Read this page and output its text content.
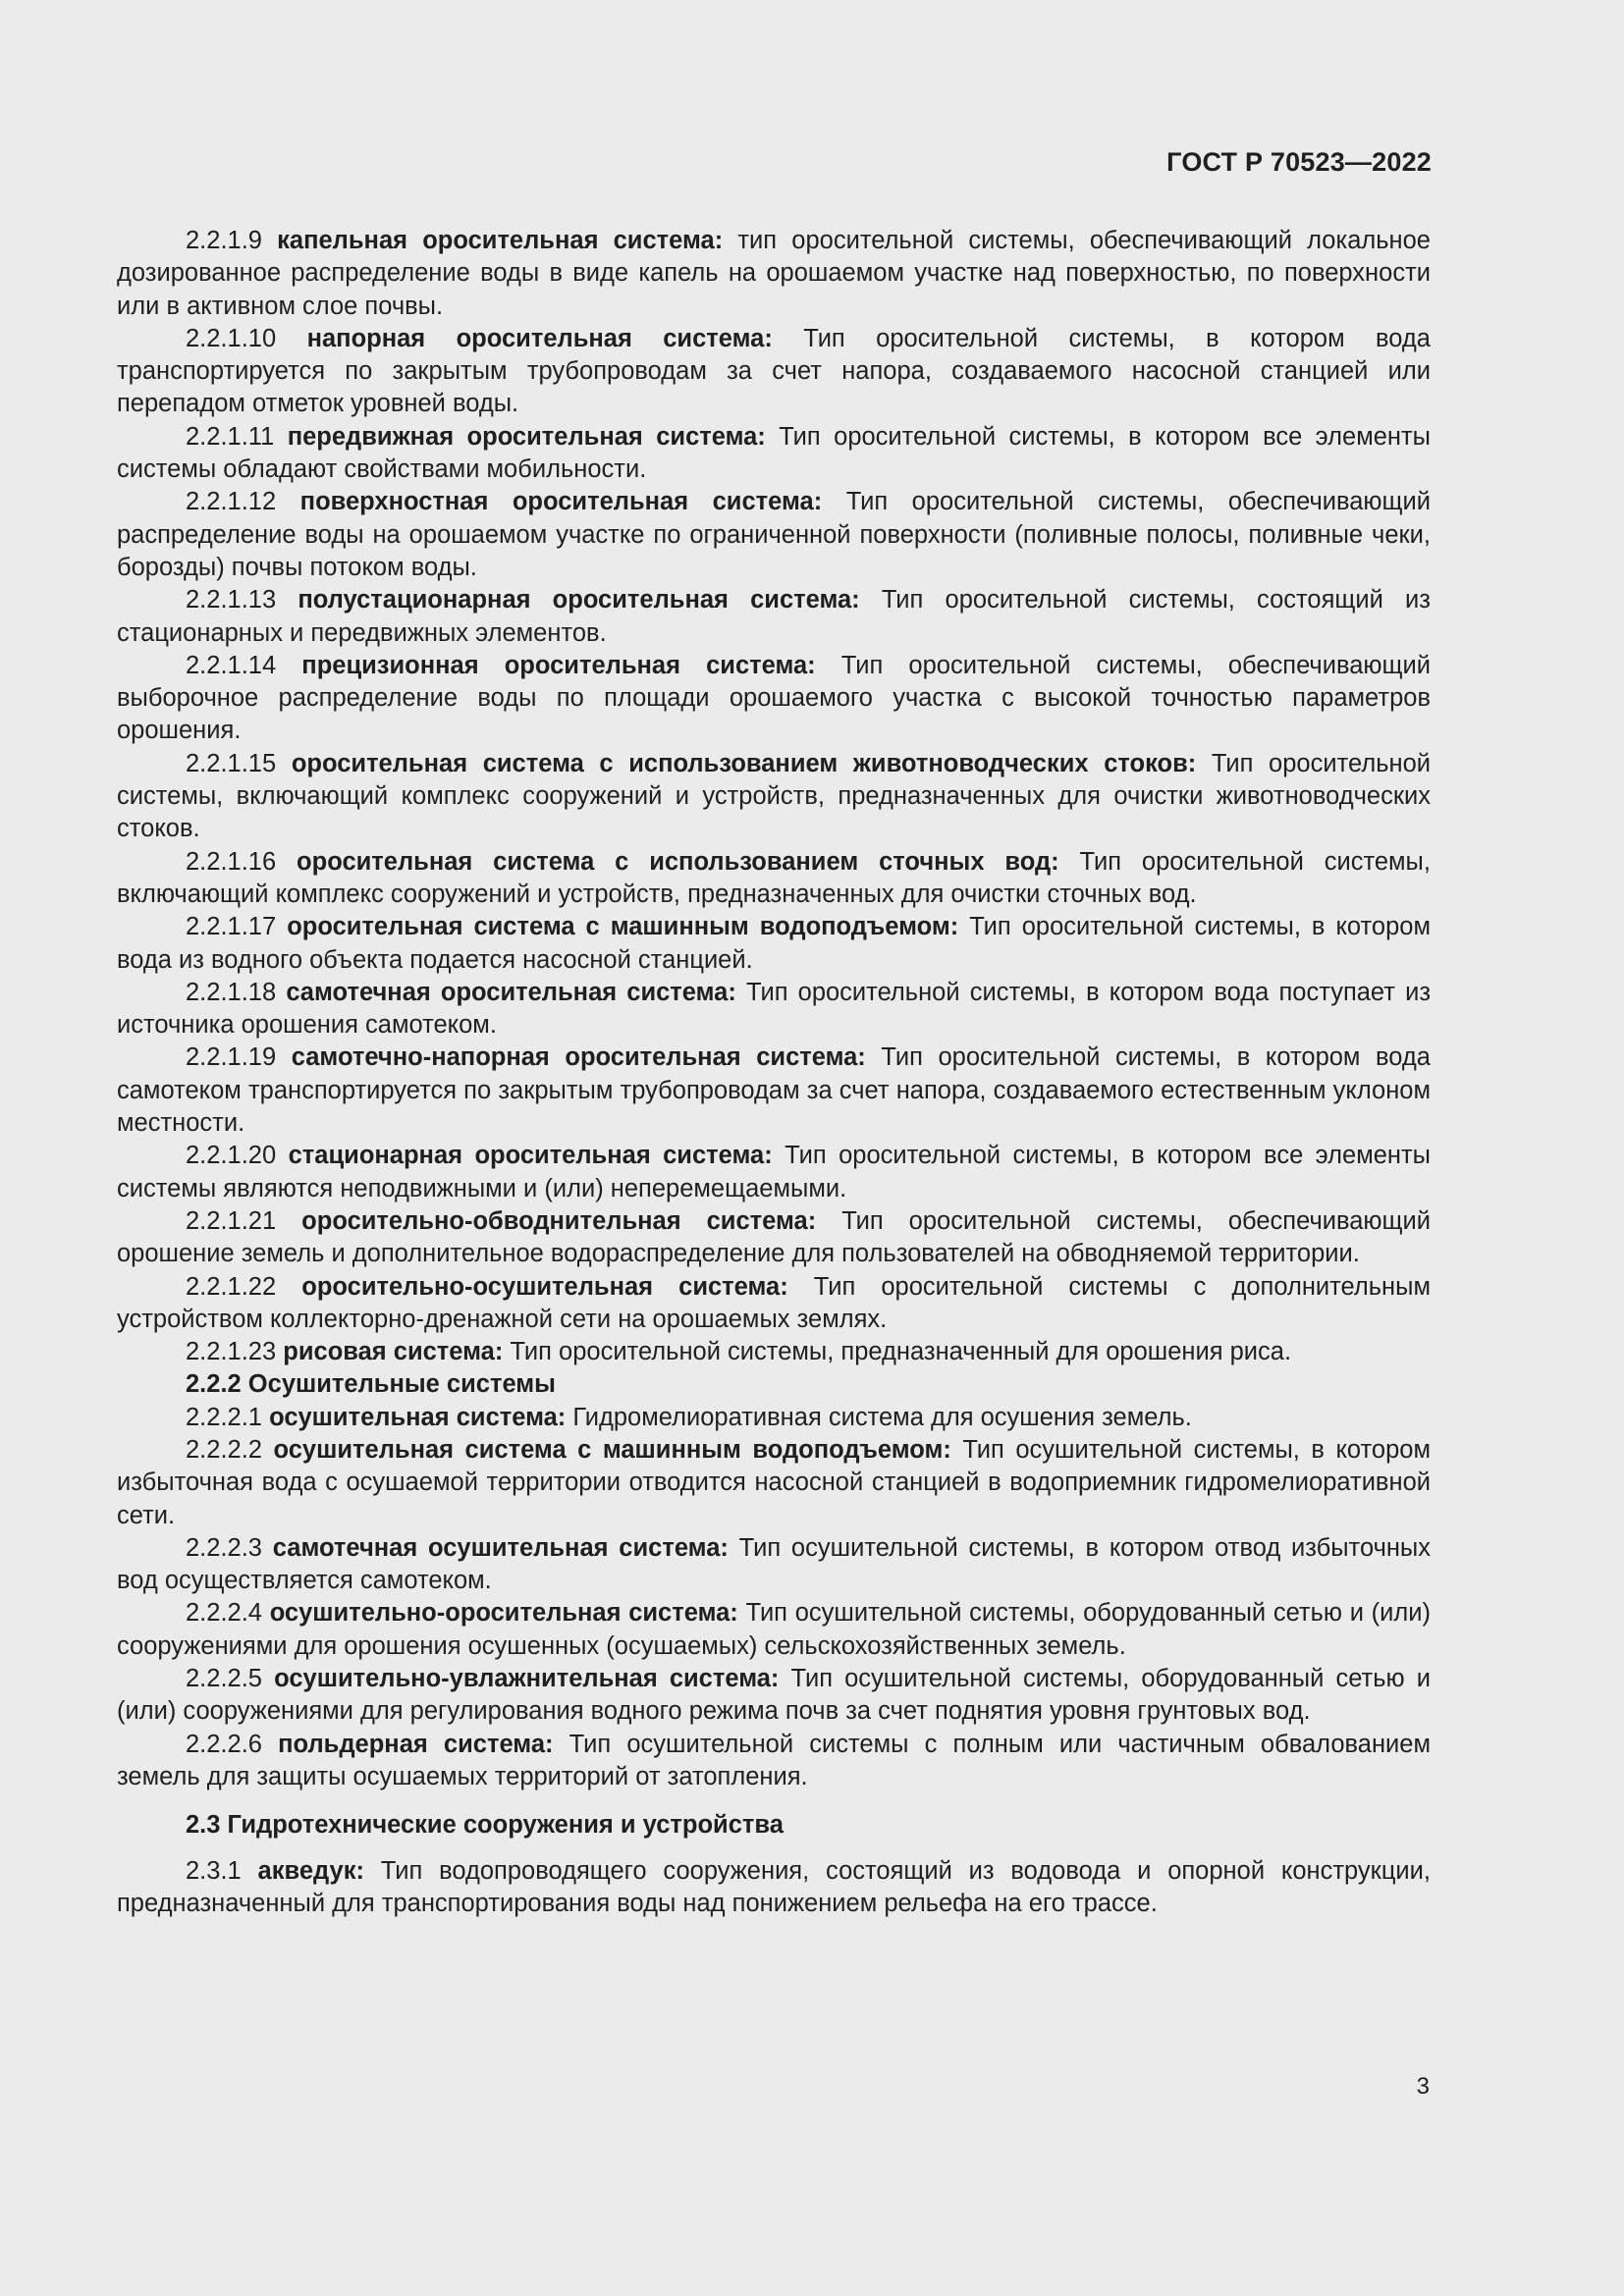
ГОСТ Р 70523—2022

2.2.1.9 капельная оросительная система: тип оросительной системы, обеспечивающий локальное дозированное распределение воды в виде капель на орошаемом участке над поверхностью, по поверхности или в активном слое почвы.

2.2.1.10 напорная оросительная система: Тип оросительной системы, в котором вода транспортируется по закрытым трубопроводам за счет напора, создаваемого насосной станцией или перепадом отметок уровней воды.

2.2.1.11 передвижная оросительная система: Тип оросительной системы, в котором все элементы системы обладают свойствами мобильности.

2.2.1.12 поверхностная оросительная система: Тип оросительной системы, обеспечивающий распределение воды на орошаемом участке по ограниченной поверхности (поливные полосы, поливные чеки, борозды) почвы потоком воды.

2.2.1.13 полустационарная оросительная система: Тип оросительной системы, состоящий из стационарных и передвижных элементов.

2.2.1.14 прецизионная оросительная система: Тип оросительной системы, обеспечивающий выборочное распределение воды по площади орошаемого участка с высокой точностью параметров орошения.

2.2.1.15 оросительная система с использованием животноводческих стоков: Тип оросительной системы, включающий комплекс сооружений и устройств, предназначенных для очистки животноводческих стоков.

2.2.1.16 оросительная система с использованием сточных вод: Тип оросительной системы, включающий комплекс сооружений и устройств, предназначенных для очистки сточных вод.

2.2.1.17 оросительная система с машинным водоподъемом: Тип оросительной системы, в котором вода из водного объекта подается насосной станцией.

2.2.1.18 самотечная оросительная система: Тип оросительной системы, в котором вода поступает из источника орошения самотеком.

2.2.1.19 самотечно-напорная оросительная система: Тип оросительной системы, в котором вода самотеком транспортируется по закрытым трубопроводам за счет напора, создаваемого естественным уклоном местности.

2.2.1.20 стационарная оросительная система: Тип оросительной системы, в котором все элементы системы являются неподвижными и (или) неперемещаемыми.

2.2.1.21 оросительно-обводнительная система: Тип оросительной системы, обеспечивающий орошение земель и дополнительное водораспределение для пользователей на обводняемой территории.

2.2.1.22 оросительно-осушительная система: Тип оросительной системы с дополнительным устройством коллекторно-дренажной сети на орошаемых землях.

2.2.1.23 рисовая система: Тип оросительной системы, предназначенный для орошения риса.

2.2.2 Осушительные системы

2.2.2.1 осушительная система: Гидромелиоративная система для осушения земель.

2.2.2.2 осушительная система с машинным водоподъемом: Тип осушительной системы, в котором избыточная вода с осушаемой территории отводится насосной станцией в водоприемник гидромелиоративной сети.

2.2.2.3 самотечная осушительная система: Тип осушительной системы, в котором отвод избыточных вод осуществляется самотеком.

2.2.2.4 осушительно-оросительная система: Тип осушительной системы, оборудованный сетью и (или) сооружениями для орошения осушенных (осушаемых) сельскохозяйственных земель.

2.2.2.5 осушительно-увлажнительная система: Тип осушительной системы, оборудованный сетью и (или) сооружениями для регулирования водного режима почв за счет поднятия уровня грунтовых вод.

2.2.2.6 польдерная система: Тип осушительной системы с полным или частичным обвалованием земель для защиты осушаемых территорий от затопления.

2.3 Гидротехнические сооружения и устройства

2.3.1 акведук: Тип водопроводящего сооружения, состоящий из водовода и опорной конструкции, предназначенный для транспортирования воды над понижением рельефа на его трассе.

3
